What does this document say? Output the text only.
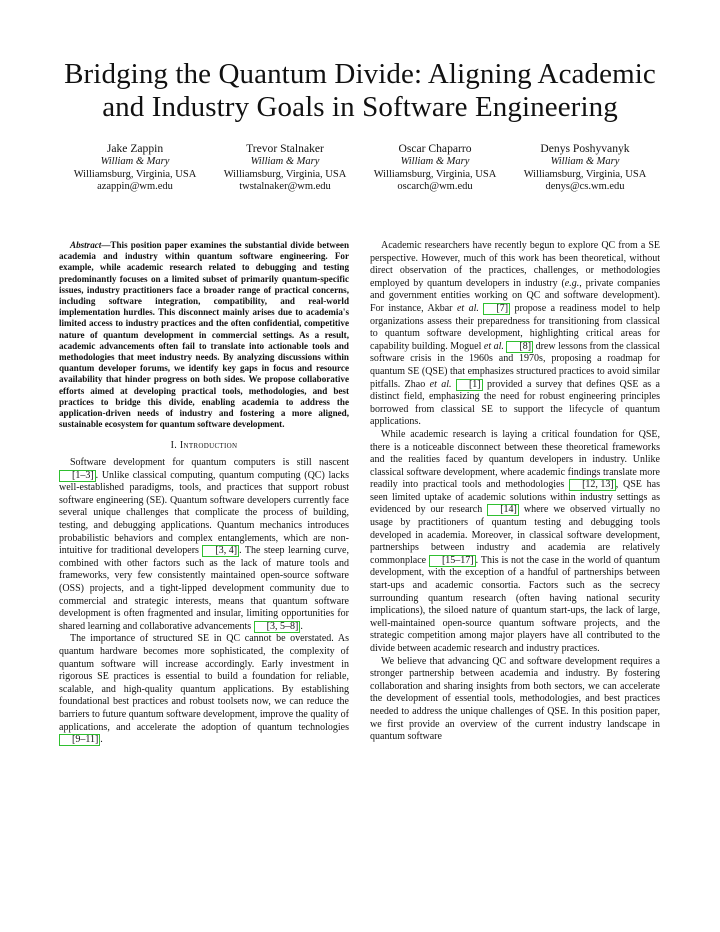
Bridging the Quantum Divide: Aligning Academic and Industry Goals in Software Engineering
Jake Zappin
William & Mary
Williamsburg, Virginia, USA
azappin@wm.edu
Trevor Stalnaker
William & Mary
Williamsburg, Virginia, USA
twstalnaker@wm.edu
Oscar Chaparro
William & Mary
Williamsburg, Virginia, USA
oscarch@wm.edu
Denys Poshyvanyk
William & Mary
Williamsburg, Virginia, USA
denys@cs.wm.edu

Abstract—This position paper examines the substantial divide between academia and industry within quantum software engineering. For example, while academic research related to debugging and testing predominantly focuses on a limited subset of primarily quantum-specific issues, industry practitioners face a broader range of practical concerns, including software integration, compatibility, and real-world implementation hurdles. This disconnect mainly arises due to academia's limited access to industry practices and the often confidential, competitive nature of quantum development in commercial settings. As a result, academic advancements often fail to translate into actionable tools and methodologies that meet industry needs. By analyzing discussions within quantum developer forums, we identify key gaps in focus and resource availability that hinder progress on both sides. We propose collaborative efforts aimed at developing practical tools, methodologies, and best practices to bridge this divide, enabling academia to address the application-driven needs of industry and fostering a more aligned, sustainable ecosystem for quantum software development.

I. Introduction

Software development for quantum computers is still nascent [1–3] . Unlike classical computing, quantum computing (QC) lacks well-established paradigms, tools, and practices that support robust software engineering (SE). Quantum software developers currently face several unique challenges that complicate the process of building, testing, and debugging applications. Quantum mechanics introduces probabilistic behaviors and complex entanglements, which are non-intuitive for traditional developers [3, 4] . The steep learning curve, combined with other factors such as the lack of mature tools and frameworks, very few consistently maintained open-source software (OSS) projects, and a tight-lipped development community due to commercial and strategic interests, means that quantum software development is often fragmented and insular, limiting opportunities for shared learning and collaborative advancements [3, 5–8] .

The importance of structured SE in QC cannot be overstated. As quantum hardware becomes more sophisticated, the complexity of quantum software will increase accordingly. Early investment in rigorous SE practices is essential to build a foundation for reliable, scalable, and high-quality quantum applications. By establishing foundational best practices and robust toolsets now, we can reduce the barriers to future quantum software development, improve the quality of applications, and accelerate the adoption of quantum technologies [9–11] .

Academic researchers have recently begun to explore QC from a SE perspective. However, much of this work has been theoretical, without direct observation of the practices, challenges, or methodologies employed by quantum developers in industry (e.g., private companies and government entities working on QC and software development). For instance, Akbar et al. [7] propose a readiness model to help organizations assess their preparedness for transitioning from classical to quantum software development, highlighting critical areas for capability building. Moguel et al. [8] drew lessons from the classical software crisis in the 1960s and 1970s, proposing a roadmap for quantum SE (QSE) that emphasizes structured practices to avoid similar pitfalls. Zhao et al. [1] provided a survey that defines QSE as a distinct field, emphasizing the need for robust engineering principles borrowed from classical SE to support the lifecycle of quantum applications.

While academic research is laying a critical foundation for QSE, there is a noticeable disconnect between these theoretical frameworks and the realities faced by quantum developers in industry. Unlike classical software development, where academic findings translate more readily into practical tools and methodologies [12, 13] , QSE has seen limited uptake of academic solutions within industry settings as evidenced by our research [14] where we observed virtually no usage by practitioners of quantum testing and debugging tools developed in academia. Moreover, in classical software development, partnerships between industry and academia are relatively commonplace [15–17] . This is not the case in the world of quantum development, with the exception of a handful of partnerships between start-ups and academic consortia. Factors such as the secrecy surrounding quantum research (often having national security implications), the siloed nature of quantum start-ups, the lack of large, well-maintained open-source quantum software projects, and the strategic competition among major players have all contributed to the divide between academic research and industry practices.

We believe that advancing QC and software development requires a stronger partnership between academia and industry. By fostering collaboration and sharing insights from both sectors, we can accelerate the development of essential tools, methodologies, and best practices needed to address the unique challenges of QSE. In this position paper, we first provide an overview of the current industry landscape in quantum software
